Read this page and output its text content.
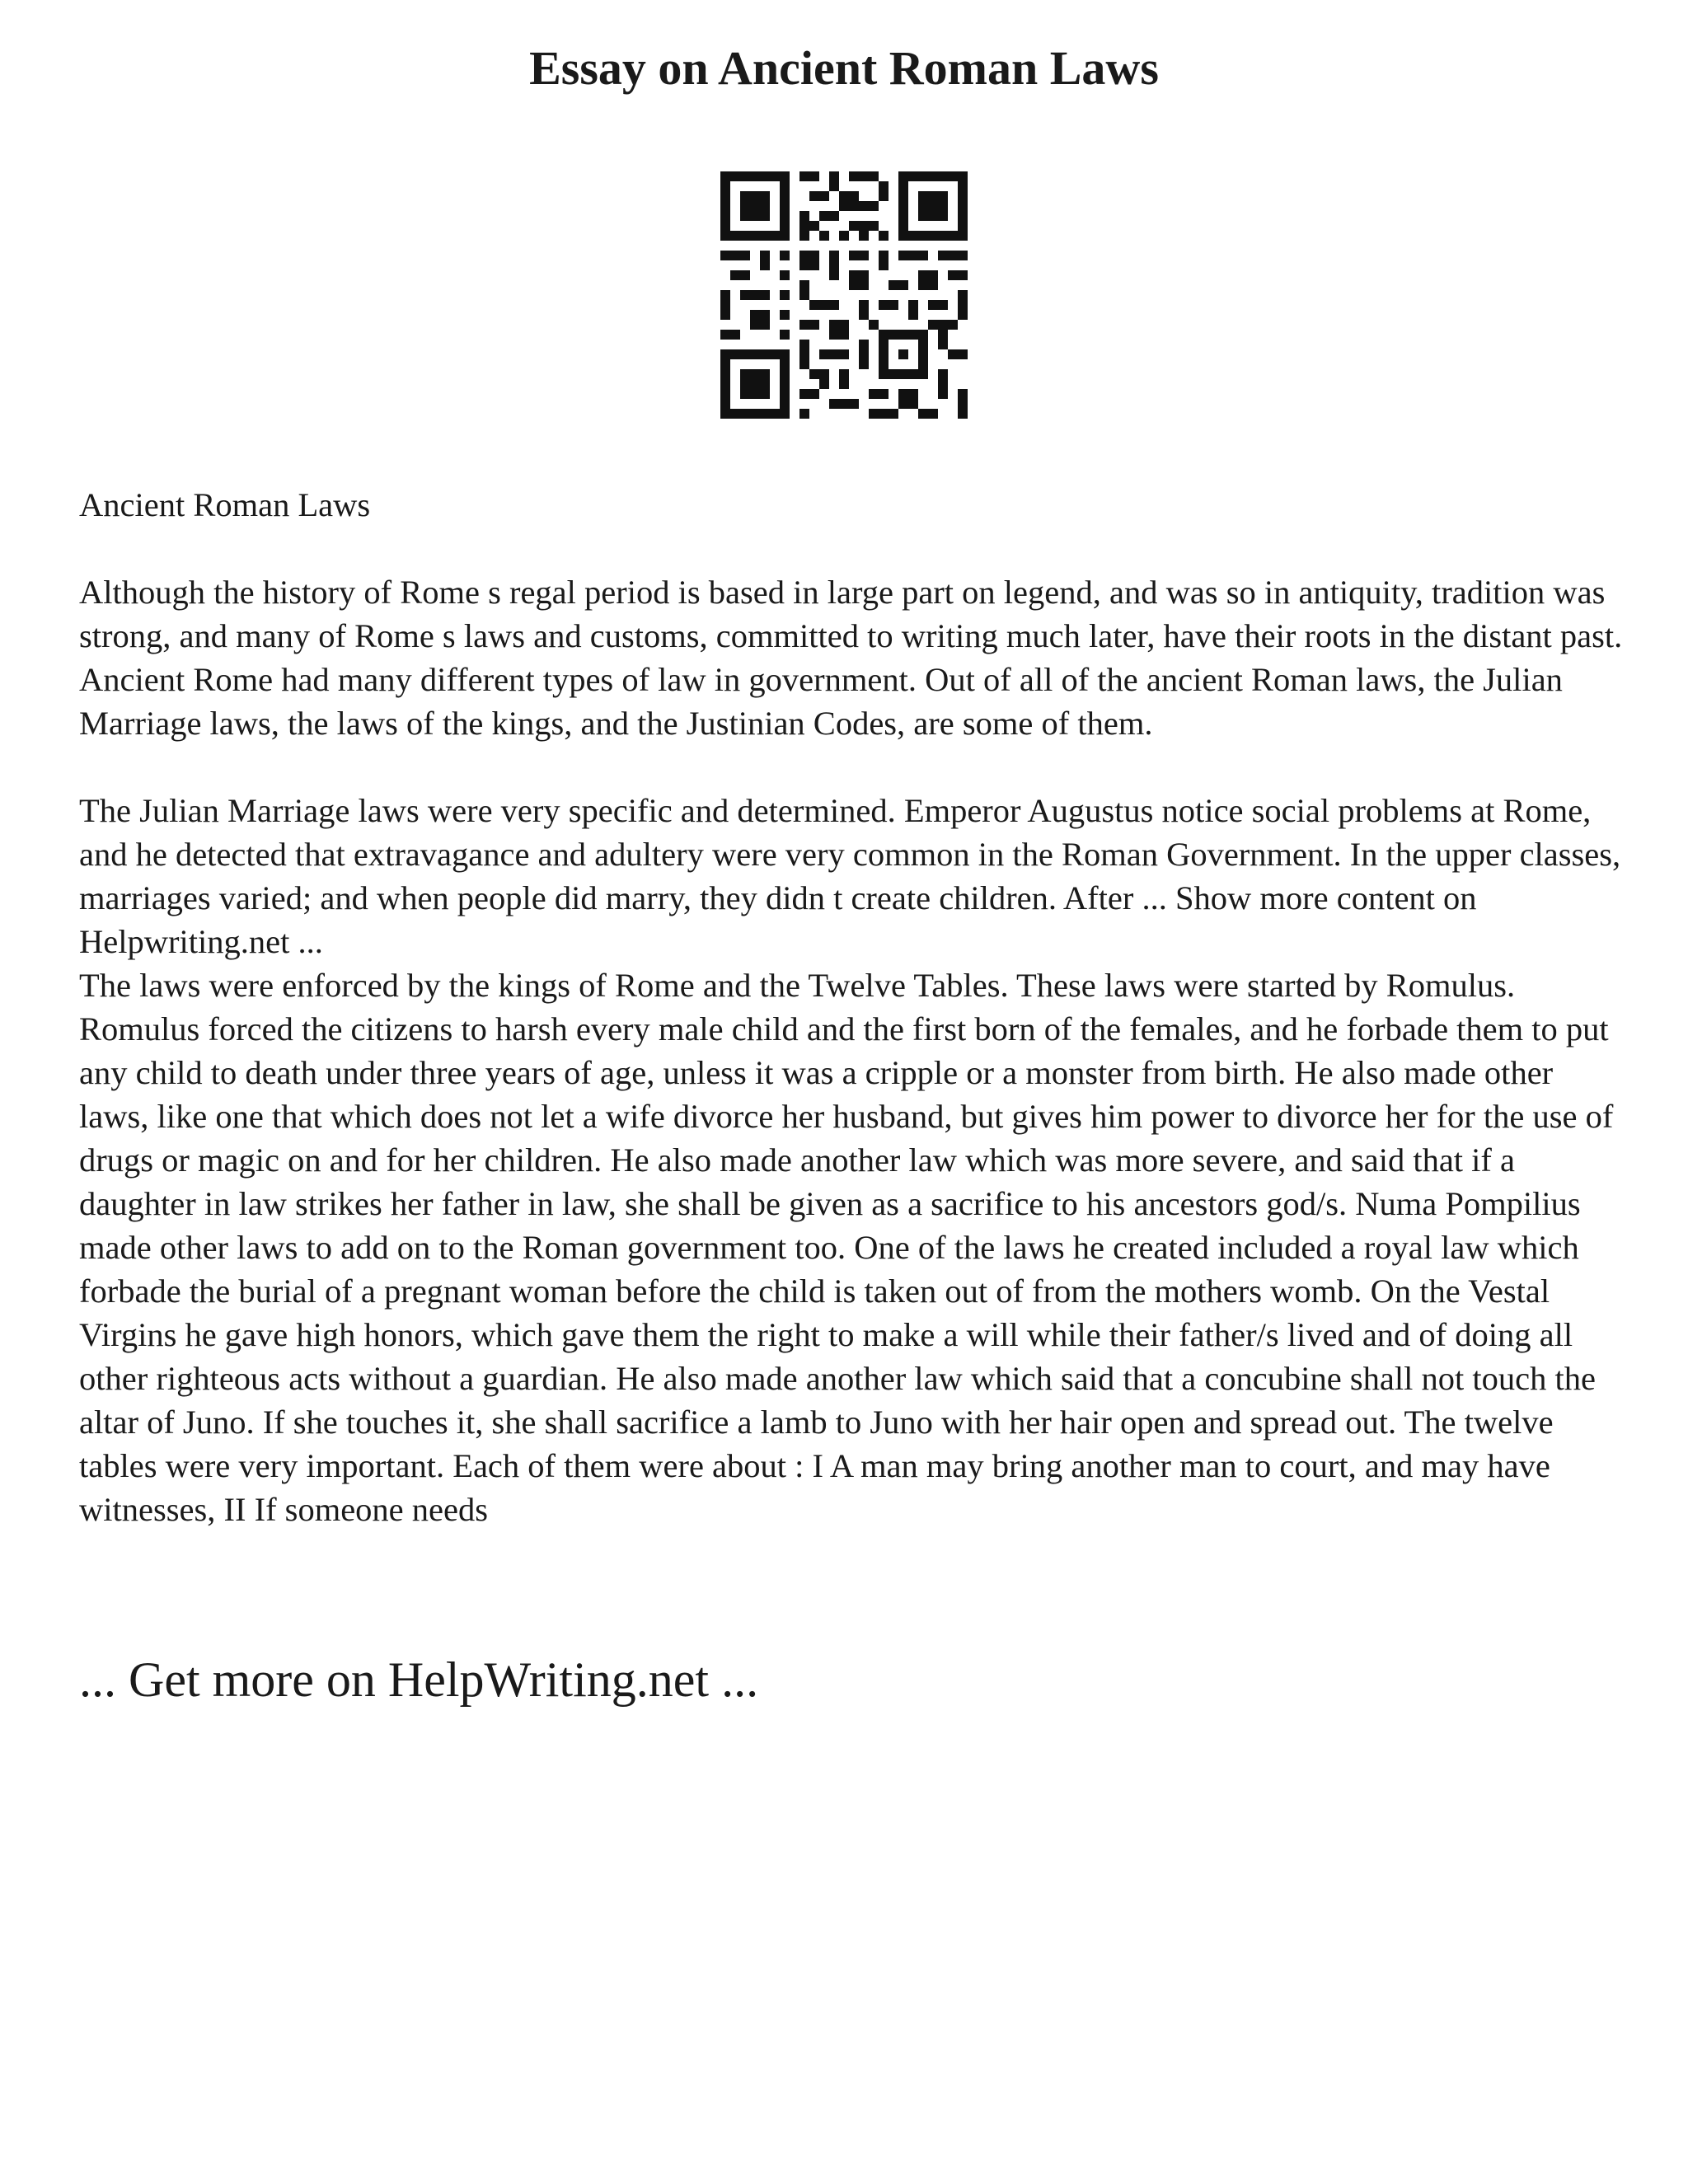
Essay on Ancient Roman Laws

Ancient Roman Laws

Although the history of Rome s regal period is based in large part on legend, and was so in antiquity, tradition was strong, and many of Rome s laws and customs, committed to writing much later, have their roots in the distant past. Ancient Rome had many different types of law in government. Out of all of the ancient Roman laws, the Julian Marriage laws, the laws of the kings, and the Justinian Codes, are some of them.

The Julian Marriage laws were very specific and determined. Emperor Augustus notice social problems at Rome, and he detected that extravagance and adultery were very common in the Roman Government. In the upper classes, marriages varied; and when people did marry, they didn t create children. After ... Show more content on Helpwriting.net ...

The laws were enforced by the kings of Rome and the Twelve Tables. These laws were started by Romulus. Romulus forced the citizens to harsh every male child and the first born of the females, and he forbade them to put any child to death under three years of age, unless it was a cripple or a monster from birth. He also made other laws, like one that which does not let a wife divorce her husband, but gives him power to divorce her for the use of drugs or magic on and for her children. He also made another law which was more severe, and said that if a daughter in law strikes her father in law, she shall be given as a sacrifice to his ancestors god/s. Numa Pompilius made other laws to add on to the Roman government too. One of the laws he created included a royal law which forbade the burial of a pregnant woman before the child is taken out of from the mothers womb. On the Vestal Virgins he gave high honors, which gave them the right to make a will while their father/s lived and of doing all other righteous acts without a guardian. He also made another law which said that a concubine shall not touch the altar of Juno. If she touches it, she shall sacrifice a lamb to Juno with her hair open and spread out. The twelve tables were very important. Each of them were about : I A man may bring another man to court, and may have witnesses, II If someone needs

... Get more on HelpWriting.net ...
